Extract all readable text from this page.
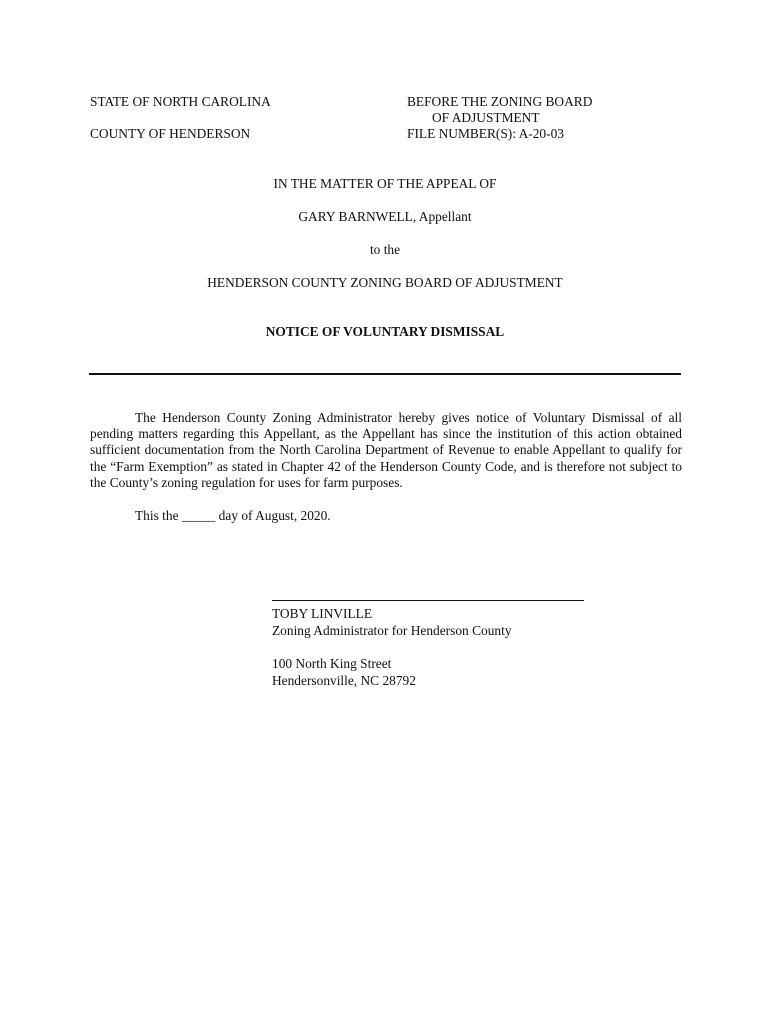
STATE OF NORTH CAROLINA
COUNTY OF HENDERSON
BEFORE THE ZONING BOARD
OF ADJUSTMENT
FILE NUMBER(S): A-20-03
IN THE MATTER OF THE APPEAL OF
GARY BARNWELL, Appellant
to the
HENDERSON COUNTY ZONING BOARD OF ADJUSTMENT
NOTICE OF VOLUNTARY DISMISSAL

The Henderson County Zoning Administrator hereby gives notice of Voluntary Dismissal of all pending matters regarding this Appellant, as the Appellant has since the institution of this action obtained sufficient documentation from the North Carolina Department of Revenue to enable Appellant to qualify for the “Farm Exemption” as stated in Chapter 42 of the Henderson County Code, and is therefore not subject to the County’s zoning regulation for uses for farm purposes.

This the _____ day of August, 2020.
TOBY LINVILLE
Zoning Administrator for Henderson County
100 North King Street
Hendersonville, NC 28792
